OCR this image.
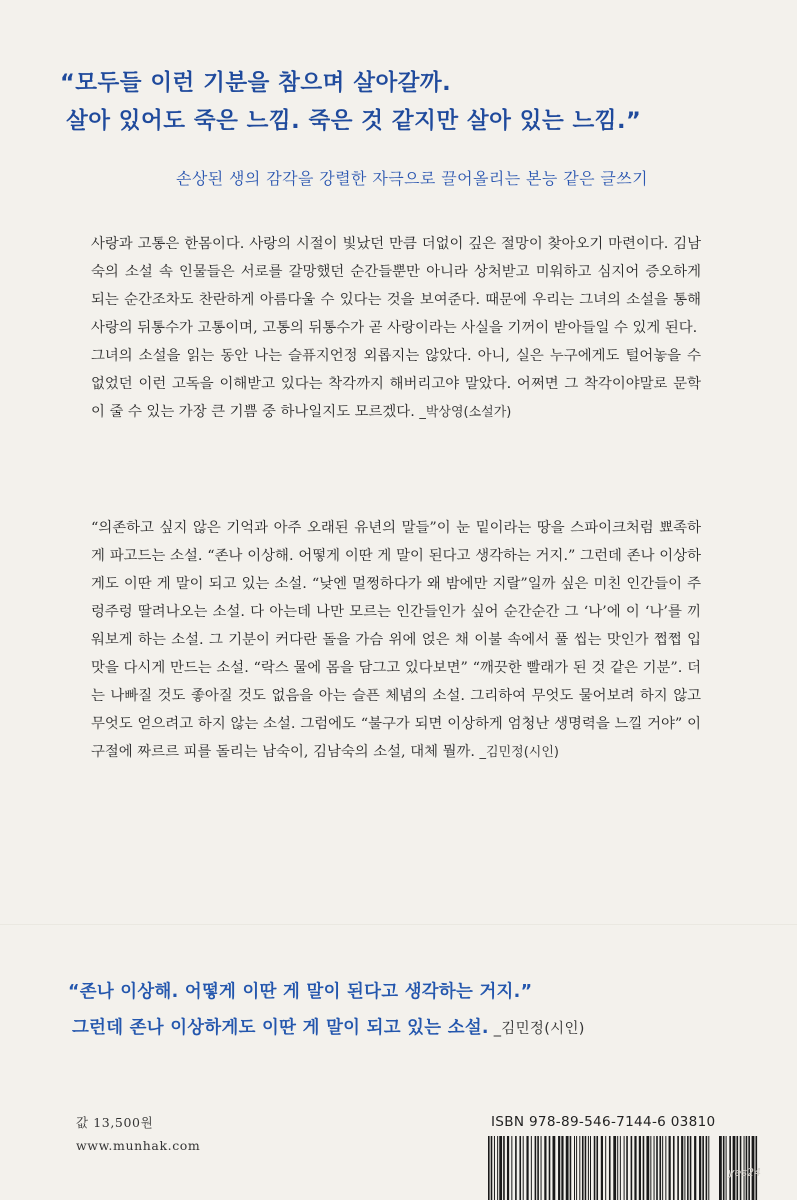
“모두들 이런 기분을 참으며 살아갈까.
살아 있어도 죽은 느낌. 죽은 것 같지만 살아 있는 느낌.”
손상된 생의 감각을 강렬한 자극으로 끌어올리는 본능 같은 글쓰기

사랑과 고통은 한몸이다. 사랑의 시절이 빛났던 만큼 더없이 깊은 절망이 찾아오기 마련이다. 김남숙의 소설 속 인물들은 서로를 갈망했던 순간들뿐만 아니라 상처받고 미워하고 심지어 증오하게 되는 순간조차도 찬란하게 아름다울 수 있다는 것을 보여준다. 때문에 우리는 그녀의 소설을 통해 사랑의 뒤통수가 고통이며, 고통의 뒤통수가 곧 사랑이라는 사실을 기꺼이 받아들일 수 있게 된다.

그녀의 소설을 읽는 동안 나는 슬퓨지언정 외롭지는 않았다. 아니, 실은 누구에게도 털어놓을 수 없었던 이런 고독을 이해받고 있다는 착각까지 해버리고야 말았다. 어쩌면 그 착각이야말로 문학이 줄 수 있는 가장 큰 기쁨 중 하나일지도 모르겠다. _박상영(소설가)

“의존하고 싶지 않은 기억과 아주 오래된 유년의 말들”이 눈 밑이라는 땅을 스파이크처럼 뾰족하게 파고드는 소설. “존나 이상해. 어떻게 이딴 게 말이 된다고 생각하는 거지.” 그런데 존나 이상하게도 이딴 게 말이 되고 있는 소설. “낮엔 멀쩡하다가 왜 밤에만 지랄”일까 싶은 미친 인간들이 주렁주렁 딸려나오는 소설. 다 아는데 나만 모르는 인간들인가 싶어 순간순간 그 ‘나’에 이 ‘나’를 끼워보게 하는 소설. 그 기분이 커다란 돌을 가슴 위에 얹은 채 이불 속에서 풀 씹는 맛인가 쩝쩝 입맛을 다시게 만드는 소설. “락스 물에 몸을 담그고 있다보면” “깨끗한 빨래가 된 것 같은 기분”. 더는 나빠질 것도 좋아질 것도 없음을 아는 슬픈 체념의 소설. 그리하여 무엇도 물어보려 하지 않고 무엇도 얻으려고 하지 않는 소설. 그럼에도 “불구가 되면 이상하게 엄청난 생명력을 느낄 거야” 이 구절에 짜르르 피를 돌리는 남숙이, 김남숙의 소설, 대체 뭘까. _김민정(시인)

“존나 이상해. 어떻게 이딴 게 말이 된다고 생각하는 거지.”
그런데 존나 이상하게도 이딴 게 말이 되고 있는 소설. _김민정(시인)
값 13,500원
www.munhak.com
ISBN 978-89-546-7144-6 03810
yes24
